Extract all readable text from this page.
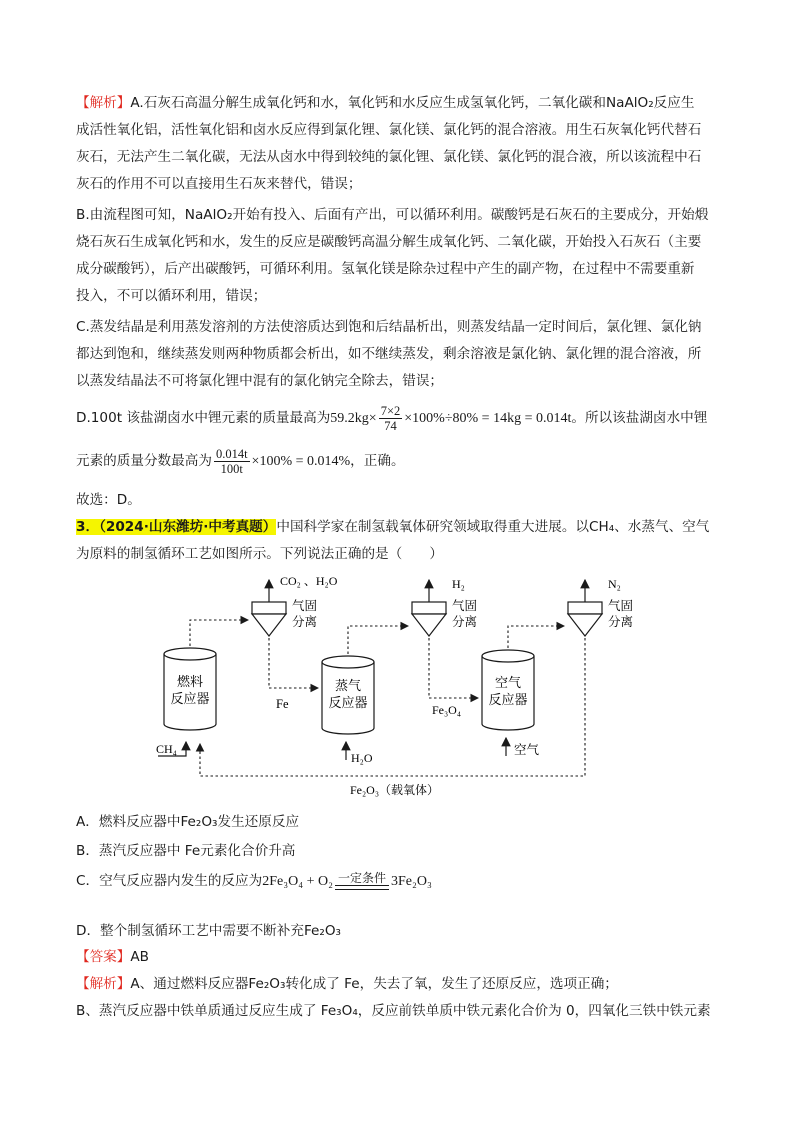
【解析】A.石灰石高温分解生成氧化钙和水，氧化钙和水反应生成氢氧化钙，二氧化碳和NaAlO₂反应生
成活性氧化铝，活性氧化铝和卤水反应得到氯化锂、氯化镁、氯化钙的混合溶液。用生石灰氧化钙代替石
灰石，无法产生二氧化碳，无法从卤水中得到较纯的氯化锂、氯化镁、氯化钙的混合液，所以该流程中石
灰石的作用不可以直接用生石灰来替代，错误；
B.由流程图可知，NaAlO₂开始有投入、后面有产出，可以循环利用。碳酸钙是石灰石的主要成分，开始煅
烧石灰石生成氧化钙和水，发生的反应是碳酸钙高温分解生成氧化钙、二氧化碳，开始投入石灰石（主要
成分碳酸钙），后产出碳酸钙，可循环利用。氢氧化镁是除杂过程中产生的副产物，在过程中不需要重新
投入，不可以循环利用，错误；
C.蒸发结晶是利用蒸发溶剂的方法使溶质达到饱和后结晶析出，则蒸发结晶一定时间后，氯化锂、氯化钠
都达到饱和，继续蒸发则两种物质都会析出，如不继续蒸发，剩余溶液是氯化钠、氯化锂的混合溶液，所
以蒸发结晶法不可将氯化锂中混有的氯化钠完全除去，错误；
D.100t 该盐湖卤水中锂元素的质量最高为$59.2kg\times \frac{7\times 2}{74} \times 100\%\div 80\% = 14kg = 0.014t$。所以该盐湖卤水中锂
元素的质量分数最高为 $\frac{0.014t}{100t} \times 100\% = 0.014\%$，正确。
故选：D。
3．（2024·山东潍坊·中考真题）中国科学家在制氢载氧体研究领域取得重大进展。以CH₄、水蒸气、空气
为原料的制氢循环工艺如图所示。下列说法正确的是（　　）
CO₂ 、H₂O
气固
分离
H₂
气固
分离
N₂
气固
分离
燃料
反应器
蒸气
反应器
空气
反应器
Fe	Fe₃O₄
Fe₂O₃（载氧体）
CH₄
H₂O
空气
A．燃料反应器中Fe₂O₃发生还原反应
B．蒸汽反应器中 Fe元素化合价升高
C．空气反应器内发生的反应为2Fe₃O₄ + O₂ 一定条件 3Fe₂O₃
D．整个制氢循环工艺中需要不断补充Fe₂O₃
【答案】AB
【解析】A、通过燃料反应器Fe₂O₃转化成了 Fe，失去了氧，发生了还原反应，选项正确；
B、蒸汽反应器中铁单质通过反应生成了 Fe₃O₄，反应前铁单质中铁元素化合价为 0，四氧化三铁中铁元素
